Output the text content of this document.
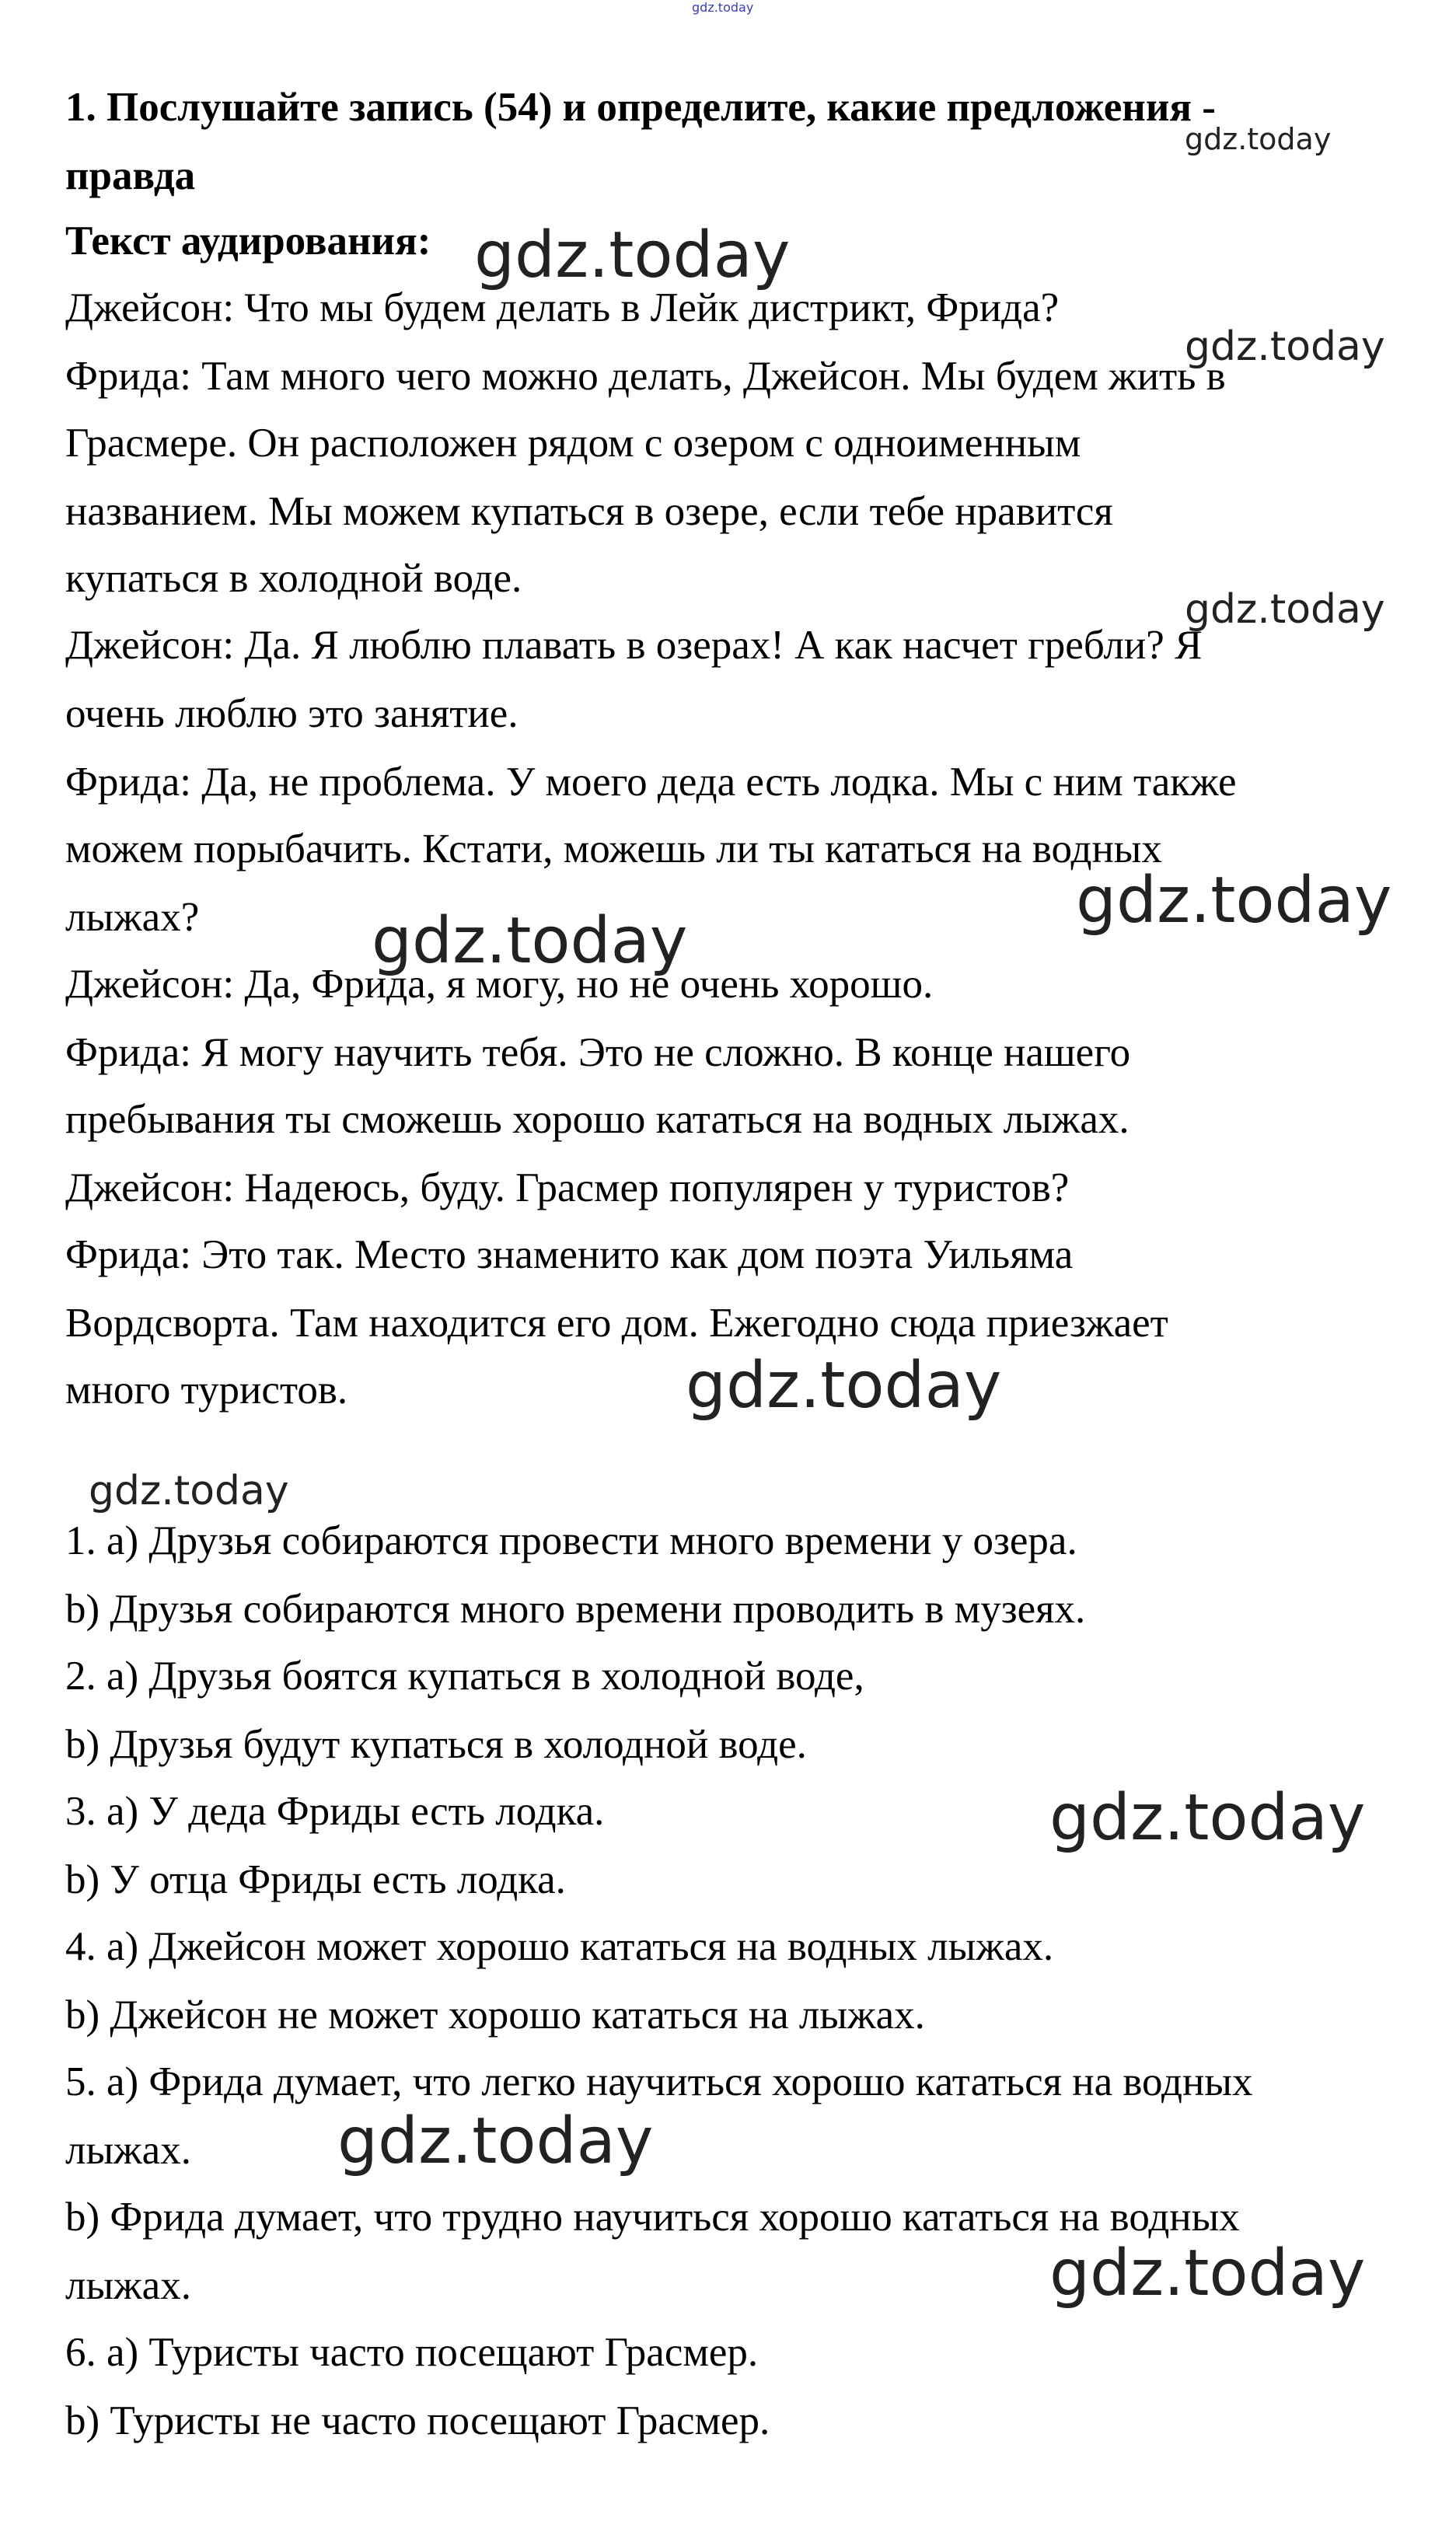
gdz.today
gdz.today
gdz.today
gdz.today
gdz.today
gdz.today
gdz.today
gdz.today
gdz.today
gdz.today
gdz.today
gdz.today
1. Послушайте запись (54) и определите, какие предложения -
правда
Текст аудирования:
Джейсон: Что мы будем делать в Лейк дистрикт, Фрида?
Фрида: Там много чего можно делать, Джейсон. Мы будем жить в
Грасмере. Он расположен рядом с озером с одноименным
названием. Мы можем купаться в озере, если тебе нравится
купаться в холодной воде.
Джейсон: Да. Я люблю плавать в озерах! А как насчет гребли? Я
очень люблю это занятие.
Фрида: Да, не проблема. У моего деда есть лодка. Мы с ним также
можем порыбачить. Кстати, можешь ли ты кататься на водных
лыжах?
Джейсон: Да, Фрида, я могу, но не очень хорошо.
Фрида: Я могу научить тебя. Это не сложно. В конце нашего
пребывания ты сможешь хорошо кататься на водных лыжах.
Джейсон: Надеюсь, буду. Грасмер популярен у туристов?
Фрида: Это так. Место знаменито как дом поэта Уильяма
Вордсворта. Там находится его дом. Ежегодно сюда приезжает
много туристов.
1. а) Друзья собираются провести много времени у озера.
b) Друзья собираются много времени проводить в музеях.
2. а) Друзья боятся купаться в холодной воде,
b) Друзья будут купаться в холодной воде.
3. а) У деда Фриды есть лодка.
b) У отца Фриды есть лодка.
4. а) Джейсон может хорошо кататься на водных лыжах.
b) Джейсон не может хорошо кататься на лыжах.
5. а) Фрида думает, что легко научиться хорошо кататься на водных
лыжах.
b) Фрида думает, что трудно научиться хорошо кататься на водных
лыжах.
6. а) Туристы часто посещают Грасмер.
b) Туристы не часто посещают Грасмер.
